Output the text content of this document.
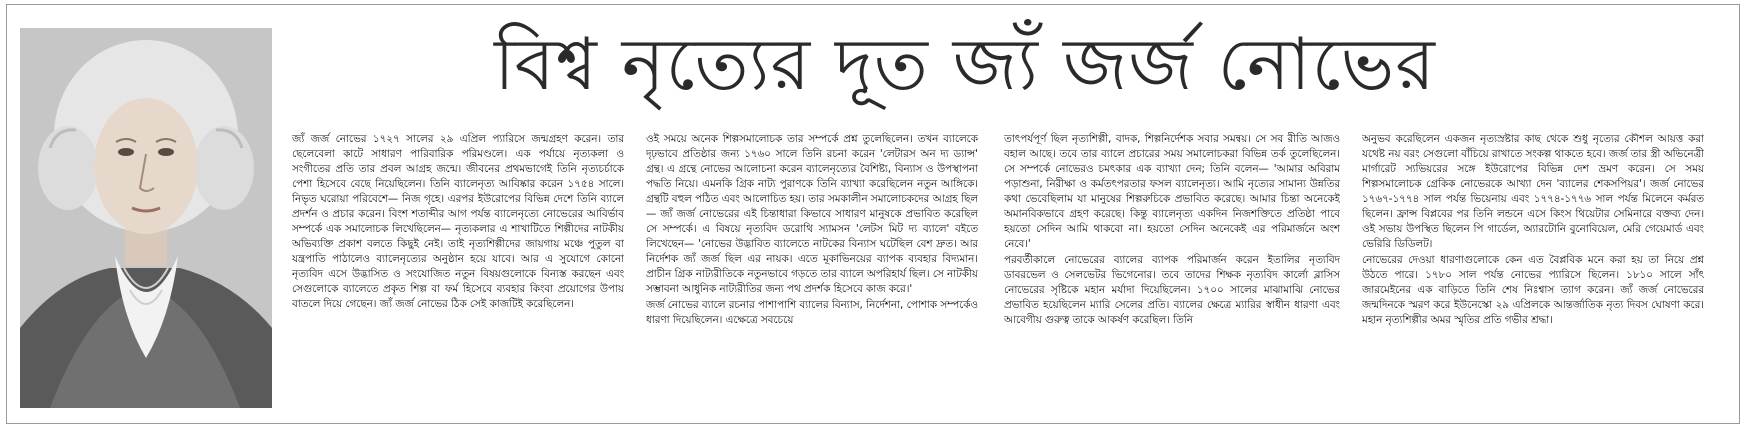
বিশ্ব নৃত্যের দূত জ্যঁ জর্জ নোভের

জ্যঁ জর্জ নোভের ১৭২৭ সালের ২৯ এপ্রিল প্যারিসে জন্মগ্রহণ করেন। তার ছেলেবেলা কাটে সাধারণ পারিবারিক পরিমণ্ডলে। এক পর্যায়ে নৃত্যকলা ও সংগীতের প্রতি তার প্রবল আগ্রহ জন্মে। জীবনের প্রথমভাগেই তিনি নৃত্যচর্চাকে পেশা হিসেবে বেছে নিয়েছিলেন। তিনি ব্যালেনৃত্য আবিষ্কার করেন ১৭৫৪ সালে। নিভৃত ঘরোয়া পরিবেশে— নিজ গৃহে। এরপর ইউরোপের বিভিন্ন দেশে তিনি ব্যালে প্রদর্শন ও প্রচার করেন। বিংশ শতাব্দীর আগ পর্যন্ত ব্যালেনৃত্যে নোভেরের আবির্ভাব সম্পর্কে এক সমালোচক লিখেছিলেন— নৃত্যকলার এ শাখাটিতে শিল্পীদের নাটকীয় অভিব্যক্তি প্রকাশ বলতে কিছুই নেই। তাই নৃত্যশিল্পীদের জায়গায় মঞ্চে পুতুল বা যন্ত্রপাতি পাঠালেও ব্যালেনৃত্যের অনুষ্ঠান হয়ে যাবে। আর এ সুযোগে কোনো নৃত্যবিদ এসে উদ্ভাসিত ও সংযোজিত নতুন বিষয়গুলোকে বিন্যস্ত করছেন এবং সেগুলোকে ব্যালেতে প্রকৃত শিল্প বা ফর্ম হিসেবে ব্যবহার কিংবা প্রয়োগের উপায় বাতলে দিয়ে গেছেন। জ্যঁ জর্জ নোভের ঠিক সেই কাজটিই করেছিলেন।

ওই সময়ে অনেক শিল্পসমালোচক তার সম্পর্কে প্রশ্ন তুলেছিলেন। তখন ব্যালেকে দৃঢ়ভাবে প্রতিষ্ঠার জন্য ১৭৬০ সালে তিনি রচনা করেন 'লেটারস অন দ্য ড্যান্স' গ্রন্থ। এ গ্রন্থে নোভের আলোচনা করেন ব্যালেনৃত্যের বৈশিষ্ট্য, বিন্যাস ও উপস্থাপনা পদ্ধতি নিয়ে। এমনকি গ্রিক নাট্য পুরাণকে তিনি ব্যাখ্যা করেছিলেন নতুন আঙ্গিকে। গ্রন্থটি বহুল পঠিত এবং আলোচিত হয়। তার সমকালীন সমালোচকদের আগ্রহ ছিল— জ্যঁ জর্জ নোভেরের এই চিন্তাধারা কিভাবে সাধারণ মানুষকে প্রভাবিত করেছিল সে সম্পর্কে। এ বিষয়ে নৃত্যবিদ ডরোথি স্যামসন 'লেটস মিট দ্য ব্যালে' বইতে লিখেছেন— 'নোভের উদ্ভাবিত ব্যালেতে নাটকের বিন্যাস ঘটেছিল বেশ দ্রুত। আর নির্দেশক জ্যঁ জর্জ ছিল এর নায়ক। এতে মূকাভিনয়ের ব্যাপক ব্যবহার বিদ্যমান। প্রাচীন গ্রিক নাট্যরীতিকে নতুনভাবে গড়তে তার ব্যালে অপরিহার্য ছিল। সে নাটকীয় সম্ভাবনা আধুনিক নাট্যরীতির জন্য পথ প্রদর্শক হিসেবে কাজ করে।'

জর্জ নোভের ব্যালে রচনার পাশাপাশি ব্যালের বিন্যাস, নির্দেশনা, পোশাক সম্পর্কেও ধারণা দিয়েছিলেন। এক্ষেত্রে সবচেয়ে

তাৎপর্যপূর্ণ ছিল নৃত্যশিল্পী, বাদক, শিল্পনির্দেশক সবার সমন্বয়। সে সব রীতি আজও বহাল আছে। তবে তার ব্যালে প্রচারের সময় সমালোচকরা বিভিন্ন তর্ক তুলেছিলেন। সে সম্পর্কে নোভেরও চমৎকার এক ব্যাখ্যা দেন; তিনি বলেন— 'আমার অবিরাম পড়াশুনা, নিরীক্ষা ও কর্মতৎপরতার ফসল ব্যালেনৃত্য। আমি নৃত্যের সামান্য উন্নতির কথা ভেবেছিলাম যা মানুষের শিল্পরুচিকে প্রভাবিত করেছে। আমার চিন্তা অনেকেই অমানবিকভাবে গ্রহণ করেছে। কিন্তু ব্যালেনৃত্য একদিন নিজশক্তিতে প্রতিষ্ঠা পাবে হয়তো সেদিন আমি থাকবো না। হয়তো সেদিন অনেকেই এর পরিমার্জনে অংশ নেবে।'

পরবর্তীকালে নোভেরের ব্যালের ব্যাপক পরিমার্জন করেন ইতালির নৃত্যবিদ ডাবরভেল ও সেলভেটর ভিগেনোর। তবে তাদের শিক্ষক নৃত্যবিদ কার্লো ব্লাসিস নোভেরের সৃষ্টিকে মহান মর্যাদা দিয়েছিলেন। ১৭০০ সালের মাঝামাঝি নোভের প্রভাবিত হয়েছিলেন ম্যারি সেলের প্রতি। ব্যালের ক্ষেত্রে ম্যারির স্বাধীন ধারণা এবং আবেগীয় গুরুত্ব তাকে আকর্ষণ করেছিল। তিনি

অনুভব করেছিলেন একজন নৃত্যস্রষ্টার কাছ থেকে শুধু নৃত্যের কৌশল আয়ত্ত করা যথেষ্ট নয় বরং সেগুলো বাঁচিয়ে রাখাতে সংকল্প থাকতে হবে। জর্জ তার স্ত্রী অভিনেত্রী মার্গারেট স্যভিয়রের সঙ্গে ইউরোপের বিভিন্ন দেশ ভ্রমণ করেন। সে সময় শিল্পসমালোচক গ্রেকিক নোভেরকে আখ্যা দেন 'ব্যালের শেকসপিয়র'। জর্জ নোভের ১৭৬৭-১৭৭৪ সাল পর্যন্ত ভিয়েনায় এবং ১৭৭৪-১৭৭৬ সাল পর্যন্ত মিলেনে কর্মরত ছিলেন। ফ্রান্স বিপ্লবের পর তিনি লন্ডনে এসে কিংস থিয়েটার সেমিনারে বক্তব্য দেন। ওই সভায় উপস্থিত ছিলেন পি গার্ডেল, অ্যারটোনি বুনোবিয়েল, মেরি গেয়েমার্ড এবং ভেরিরি ডিডিলট।

নোভেরের দেওয়া ধারণাগুলোকে কেন এত বৈপ্লবিক মনে করা হয় তা নিয়ে প্রশ্ন উঠতে পারে। ১৭৮০ সাল পর্যন্ত নোভের প্যারিসে ছিলেন। ১৮১০ সালে সাঁৎ জারমেইনের এক বাড়িতে তিনি শেষ নিঃশ্বাস ত্যাগ করেন। জ্যঁ জর্জ নোভেরের জন্মদিনকে স্মরণ করে ইউনেস্কো ২৯ এপ্রিলকে আন্তর্জাতিক নৃত্য দিবস ঘোষণা করে। মহান নৃত্যশিল্পীর অমর স্মৃতির প্রতি গভীর শ্রদ্ধা।
